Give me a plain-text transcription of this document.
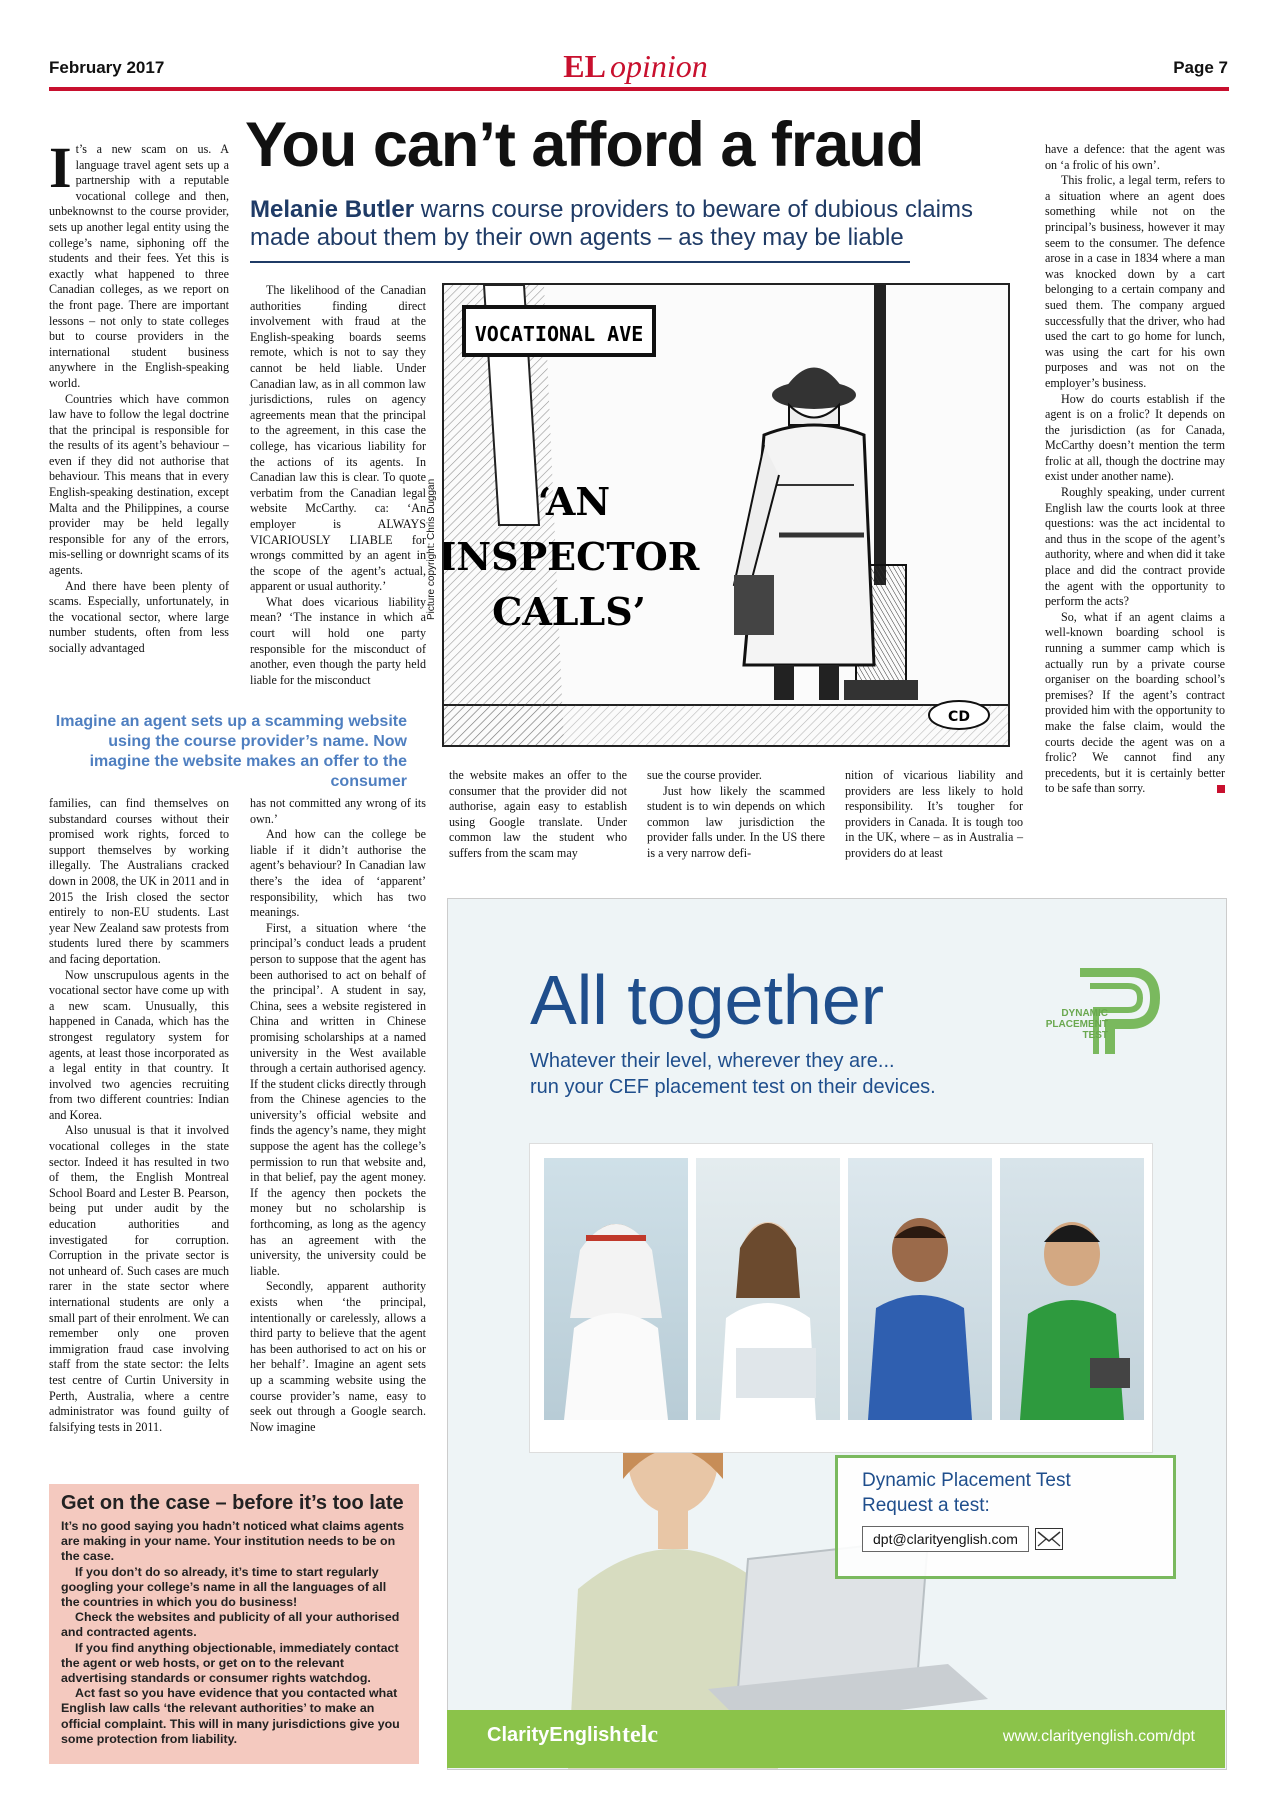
February 2017	EL opinion	Page 7
You can’t afford a fraud
Melanie Butler warns course providers to beware of dubious claims made about them by their own agents – as they may be liable

It’s a new scam on us. A language travel agent sets up a partnership with a reputable vocational college and then, unbeknownst to the course provider, sets up another legal entity using the college’s name, siphoning off the students and their fees. Yet this is exactly what happened to three Canadian colleges, as we report on the front page. There are important lessons – not only to state colleges but to course providers in the international student business anywhere in the English-speaking world.

Countries which have common law have to follow the legal doctrine that the principal is responsible for the results of its agent’s behaviour – even if they did not authorise that behaviour. This means that in every English-speaking destination, except Malta and the Philippines, a course provider may be held legally responsible for any of the errors, mis-selling or downright scams of its agents.

And there have been plenty of scams. Especially, unfortunately, in the vocational sector, where large number students, often from less socially advantaged

The likelihood of the Canadian authorities finding direct involvement with fraud at the English-speaking boards seems remote, which is not to say they cannot be held liable. Under Canadian law, as in all common law jurisdictions, rules on agency agreements mean that the principal to the agreement, in this case the college, has vicarious liability for the actions of its agents. In Canadian law this is clear. To quote verbatim from the Canadian legal website McCarthy. ca: ‘An employer is ALWAYS VICARIOUSLY LIABLE for wrongs committed by an agent in the scope of the agent’s actual, apparent or usual authority.’

What does vicarious liability mean? ‘The instance in which a court will hold one party responsible for the misconduct of another, even though the party held liable for the misconduct

Imagine an agent sets up a scamming website using the course provider’s name. Now imagine the website makes an offer to the consumer
Picture copyright: Chris Duggan
VOCATIONAL AVE
‘AN
INSPECTOR
CALLS’
CD

the website makes an offer to the consumer that the provider did not authorise, again easy to establish using Google translate. Under common law the student who suffers from the scam may

sue the course provider.

Just how likely the scammed student is to win depends on which common law jurisdiction the provider falls under. In the US there is a very narrow defi-

nition of vicarious liability and providers are less likely to hold responsibility. It’s tougher for providers in Canada. It is tough too in the UK, where – as in Australia – providers do at least

have a defence: that the agent was on ‘a frolic of his own’.

This frolic, a legal term, refers to a situation where an agent does something while not on the principal’s business, however it may seem to the consumer. The defence arose in a case in 1834 where a man was knocked down by a cart belonging to a certain company and sued them. The company argued successfully that the driver, who had used the cart to go home for lunch, was using the cart for his own purposes and was not on the employer’s business.

How do courts establish if the agent is on a frolic? It depends on the jurisdiction (as for Canada, McCarthy doesn’t mention the term frolic at all, though the doctrine may exist under another name).

Roughly speaking, under current English law the courts look at three questions: was the act incidental to and thus in the scope of the agent’s authority, where and when did it take place and did the contract provide the agent with the opportunity to perform the acts?

So, what if an agent claims a well-known boarding school is running a summer camp which is actually run by a private course organiser on the boarding school’s premises? If the agent’s contract provided him with the opportunity to make the false claim, would the courts decide the agent was on a frolic? We cannot find any precedents, but it is certainly better to be safe than sorry.

families, can find themselves on substandard courses without their promised work rights, forced to support themselves by working illegally. The Australians cracked down in 2008, the UK in 2011 and in 2015 the Irish closed the sector entirely to non-EU students. Last year New Zealand saw protests from students lured there by scammers and facing deportation.

Now unscrupulous agents in the vocational sector have come up with a new scam. Unusually, this happened in Canada, which has the strongest regulatory system for agents, at least those incorporated as a legal entity in that country. It involved two agencies recruiting from two different countries: Indian and Korea.

Also unusual is that it involved vocational colleges in the state sector. Indeed it has resulted in two of them, the English Montreal School Board and Lester B. Pearson, being put under audit by the education authorities and investigated for corruption. Corruption in the private sector is not unheard of. Such cases are much rarer in the state sector where international students are only a small part of their enrolment. We can remember only one proven immigration fraud case involving staff from the state sector: the Ielts test centre of Curtin University in Perth, Australia, where a centre administrator was found guilty of falsifying tests in 2011.

has not committed any wrong of its own.’

And how can the college be liable if it didn’t authorise the agent’s behaviour? In Canadian law there’s the idea of ‘apparent’ responsibility, which has two meanings.

First, a situation where ‘the principal’s conduct leads a prudent person to suppose that the agent has been authorised to act on behalf of the principal’. A student in say, China, sees a website registered in China and written in Chinese promising scholarships at a named university in the West available through a certain authorised agency. If the student clicks directly through from the Chinese agencies to the university’s official website and finds the agency’s name, they might suppose the agent has the college’s permission to run that website and, in that belief, pay the agent money. If the agency then pockets the money but no scholarship is forthcoming, as long as the agency has an agreement with the university, the university could be liable.

Secondly, apparent authority exists when ‘the principal, intentionally or carelessly, allows a third party to believe that the agent has been authorised to act on his or her behalf’. Imagine an agent sets up a scamming website using the course provider’s name, easy to seek out through a Google search. Now imagine

Get on the case – before it’s too late

It’s no good saying you hadn’t noticed what claims agents are making in your name. Your institution needs to be on the case.

If you don’t do so already, it’s time to start regularly googling your college’s name in all the languages of all the countries in which you do business!

Check the websites and publicity of all your authorised and contracted agents.

If you find anything objectionable, immediately contact the agent or web hosts, or get on to the relevant advertising standards or consumer rights watchdog.

Act fast so you have evidence that you contacted what English law calls ‘the relevant authorities’ to make an official complaint. This will in many jurisdictions give you some protection from liability.

All together
Whatever their level, wherever they are...
run your CEF placement test on their devices.
DYNAMIC
PLACEMENT
TEST
Dynamic Placement Test
Request a test:
dpt@clarityenglish.com
ClarityEnglish telc	www.clarityenglish.com/dpt
